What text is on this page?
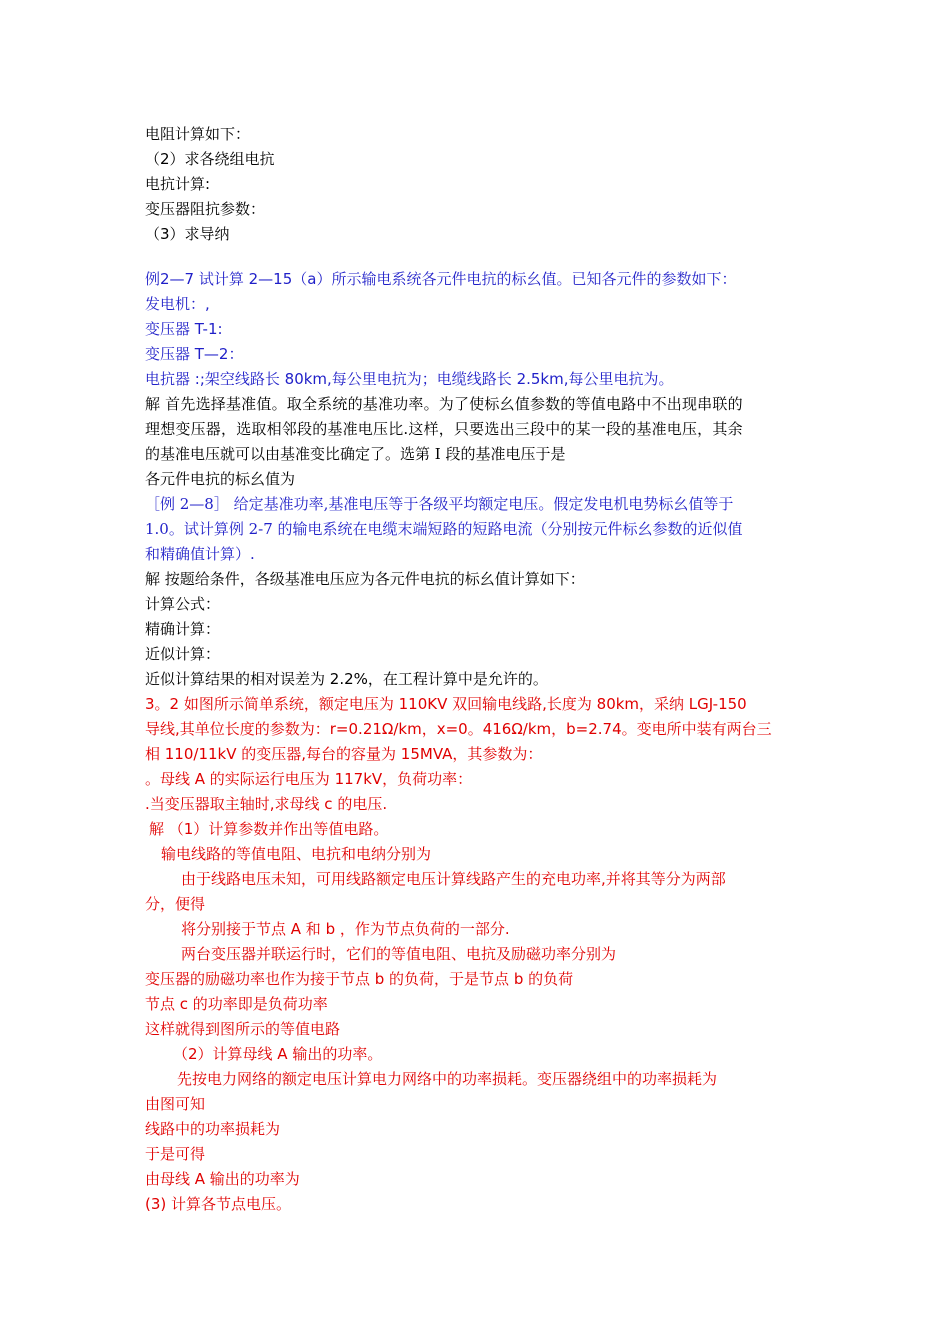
电阻计算如下：
（2）求各绕组电抗
电抗计算:
变压器阻抗参数：
（3）求导纳
例2—7 试计算 2—15（a）所示输电系统各元件电抗的标幺值。已知各元件的参数如下：
发电机：,
变压器 T-1:
变压器 T—2：
电抗器 :;架空线路长 80km,每公里电抗为；电缆线路长 2.5km,每公里电抗为。
解 首先选择基准值。取全系统的基准功率。为了使标幺值参数的等值电路中不出现串联的
理想变压器，选取相邻段的基准电压比.这样，只要选出三段中的某一段的基准电压，其余
的基准电压就可以由基准变比确定了。选第 I 段的基准电压于是
各元件电抗的标幺值为
［例 2—8］ 给定基准功率,基准电压等于各级平均额定电压。假定发电机电势标幺值等于
1.0。试计算例 2-7 的输电系统在电缆末端短路的短路电流（分别按元件标幺参数的近似值
和精确值计算）.
解 按题给条件，各级基准电压应为各元件电抗的标幺值计算如下：
计算公式：
精确计算：
近似计算：
近似计算结果的相对误差为 2.2%，在工程计算中是允许的。
3。2 如图所示简单系统，额定电压为 110KV 双回输电线路,长度为 80km，采纳 LGJ-150
导线,其单位长度的参数为：r=0.21Ω/km，x=0。416Ω/km，b=2.74。变电所中装有两台三
相 110/11kV 的变压器,每台的容量为 15MVA，其参数为：
。母线 A 的实际运行电压为 117kV，负荷功率：
.当变压器取主轴时,求母线 c 的电压.
解 （1）计算参数并作出等值电路。
输电线路的等值电阻、电抗和电纳分别为
由于线路电压未知，可用线路额定电压计算线路产生的充电功率,并将其等分为两部
分，便得
将分别接于节点 A 和 b ，作为节点负荷的一部分.
两台变压器并联运行时，它们的等值电阻、电抗及励磁功率分别为
变压器的励磁功率也作为接于节点 b 的负荷，于是节点 b 的负荷
节点 c 的功率即是负荷功率
这样就得到图所示的等值电路
（2）计算母线 A 输出的功率。
先按电力网络的额定电压计算电力网络中的功率损耗。变压器绕组中的功率损耗为
由图可知
线路中的功率损耗为
于是可得
由母线 A 输出的功率为
(3) 计算各节点电压。
